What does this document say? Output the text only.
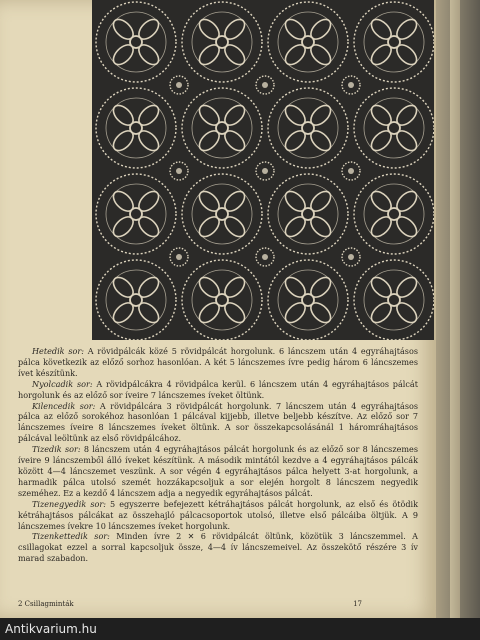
Hetedik sor: A rövidpálcák közé 5 rövidpálcát horgolunk. 6 láncszem után 4 egyráhajtásos pálca következik az előző sorhoz hasonlóan. A két 5 láncszemes ívre pedig három 6 láncszemes ívet készítünk.

Nyolcadik sor: A rövidpálcákra 4 rövidpálca kerül. 6 láncszem után 4 egyráhajtásos pálcát horgolunk és az előző sor íveire 7 láncszemes íveket öltünk.

Kilencedik sor: A rövidpálcára 3 rövidpálcát horgolunk. 7 láncszem után 4 egyráhajtásos pálca az előző sorokéhoz hasonlóan 1 pálcával kijjebb, illetve beljebb készítve. Az előző sor 7 láncszemes íveire 8 láncszemes íveket öltünk. A sor összekapcsolásánál 1 háromráhajtásos pálcával leöltünk az első rövidpálcához.

Tizedik sor: 8 láncszem után 4 egyráhajtásos pálcát horgolunk és az előző sor 8 láncszemes íveire 9 láncszemből álló íveket készítünk. A második mintától kezdve a 4 egyráhajtásos pálcák között 4—4 láncszemet veszünk. A sor végén 4 egyráhajtásos pálca helyett 3-at horgolunk, a harmadik pálca utolsó szemét hozzákapcsoljuk a sor elején horgolt 8 láncszem negyedik szeméhez. Ez a kezdő 4 láncszem adja a negyedik egyráhajtásos pálcát.

Tizenegyedik sor: 5 egyszerre befejezett kétráhajtásos pálcát horgolunk, az első és ötödik kétráhajtásos pálcákat az összehajló pálcacsoportok utolsó, illetve első pálcáiba öltjük. A 9 láncszemes ívekre 10 láncszemes íveket horgolunk.

Tizenkettedik sor: Minden ívre 2 ✕ 6 rövidpálcát öltünk, közötük 3 láncszemmel. A csillagokat ezzel a sorral kapcsoljuk össze, 4—4 ív láncszemeivel. Az összekötő részére 3 ív marad szabadon.

2 Csillagminták	17
Antikvarium.hu
